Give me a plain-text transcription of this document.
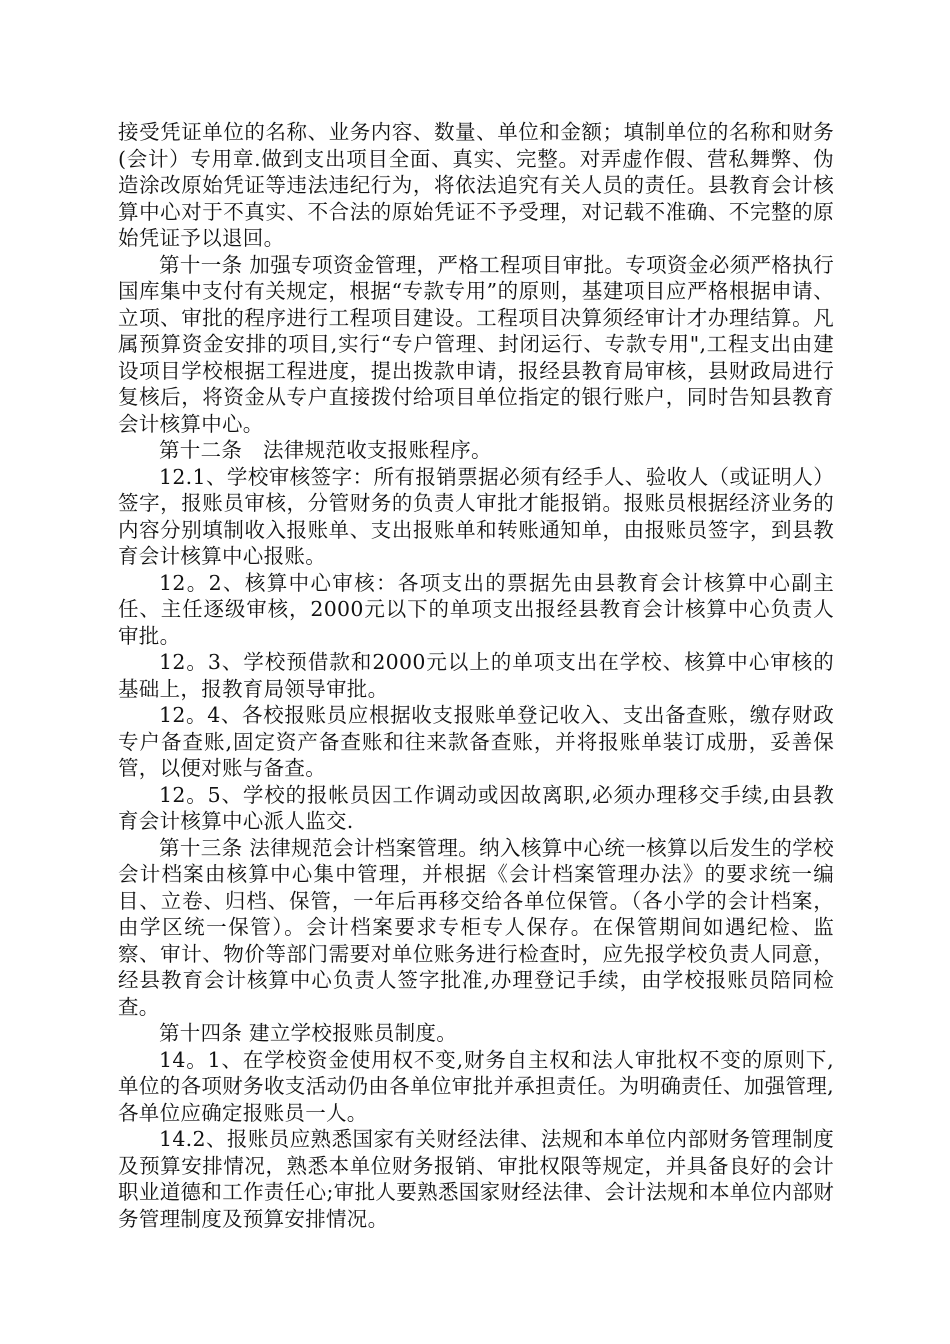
接受凭证单位的名称、业务内容、数量、单位和金额；填制单位的名称和财务(会计）专用章.做到支出项目全面、真实、完整。对弄虚作假、营私舞弊、伪造涂改原始凭证等违法违纪行为，将依法追究有关人员的责任。县教育会计核算中心对于不真实、不合法的原始凭证不予受理，对记载不准确、不完整的原始凭证予以退回。

第十一条 加强专项资金管理，严格工程项目审批。专项资金必须严格执行国库集中支付有关规定，根据“专款专用”的原则，基建项目应严格根据申请、立项、审批的程序进行工程项目建设。工程项目决算须经审计才办理结算。凡属预算资金安排的项目,实行“专户管理、封闭运行、专款专用",工程支出由建设项目学校根据工程进度，提出拨款申请，报经县教育局审核，县财政局进行复核后，将资金从专户直接拨付给项目单位指定的银行账户，同时告知县教育会计核算中心。

第十二条　法律规范收支报账程序。

12.1、学校审核签字：所有报销票据必须有经手人、验收人（或证明人）签字，报账员审核，分管财务的负责人审批才能报销。报账员根据经济业务的内容分别填制收入报账单、支出报账单和转账通知单，由报账员签字，到县教育会计核算中心报账。

12。2、核算中心审核：各项支出的票据先由县教育会计核算中心副主任、主任逐级审核，2000元以下的单项支出报经县教育会计核算中心负责人审批。

12。3、学校预借款和2000元以上的单项支出在学校、核算中心审核的基础上，报教育局领导审批。

12。4、各校报账员应根据收支报账单登记收入、支出备查账，缴存财政专户备查账,固定资产备查账和往来款备查账，并将报账单装订成册，妥善保管，以便对账与备查。

12。5、学校的报帐员因工作调动或因故离职,必须办理移交手续,由县教育会计核算中心派人监交.

第十三条 法律规范会计档案管理。纳入核算中心统一核算以后发生的学校会计档案由核算中心集中管理，并根据《会计档案管理办法》的要求统一编目、立卷、归档、保管，一年后再移交给各单位保管。（各小学的会计档案，由学区统一保管）。会计档案要求专柜专人保存。在保管期间如遇纪检、监察、审计、物价等部门需要对单位账务进行检查时，应先报学校负责人同意，经县教育会计核算中心负责人签字批准,办理登记手续，由学校报账员陪同检查。

第十四条 建立学校报账员制度。

14。1、在学校资金使用权不变,财务自主权和法人审批权不变的原则下,单位的各项财务收支活动仍由各单位审批并承担责任。为明确责任、加强管理,各单位应确定报账员一人。

14.2、报账员应熟悉国家有关财经法律、法规和本单位内部财务管理制度及预算安排情况，熟悉本单位财务报销、审批权限等规定，并具备良好的会计职业道德和工作责任心;审批人要熟悉国家财经法律、会计法规和本单位内部财务管理制度及预算安排情况。
